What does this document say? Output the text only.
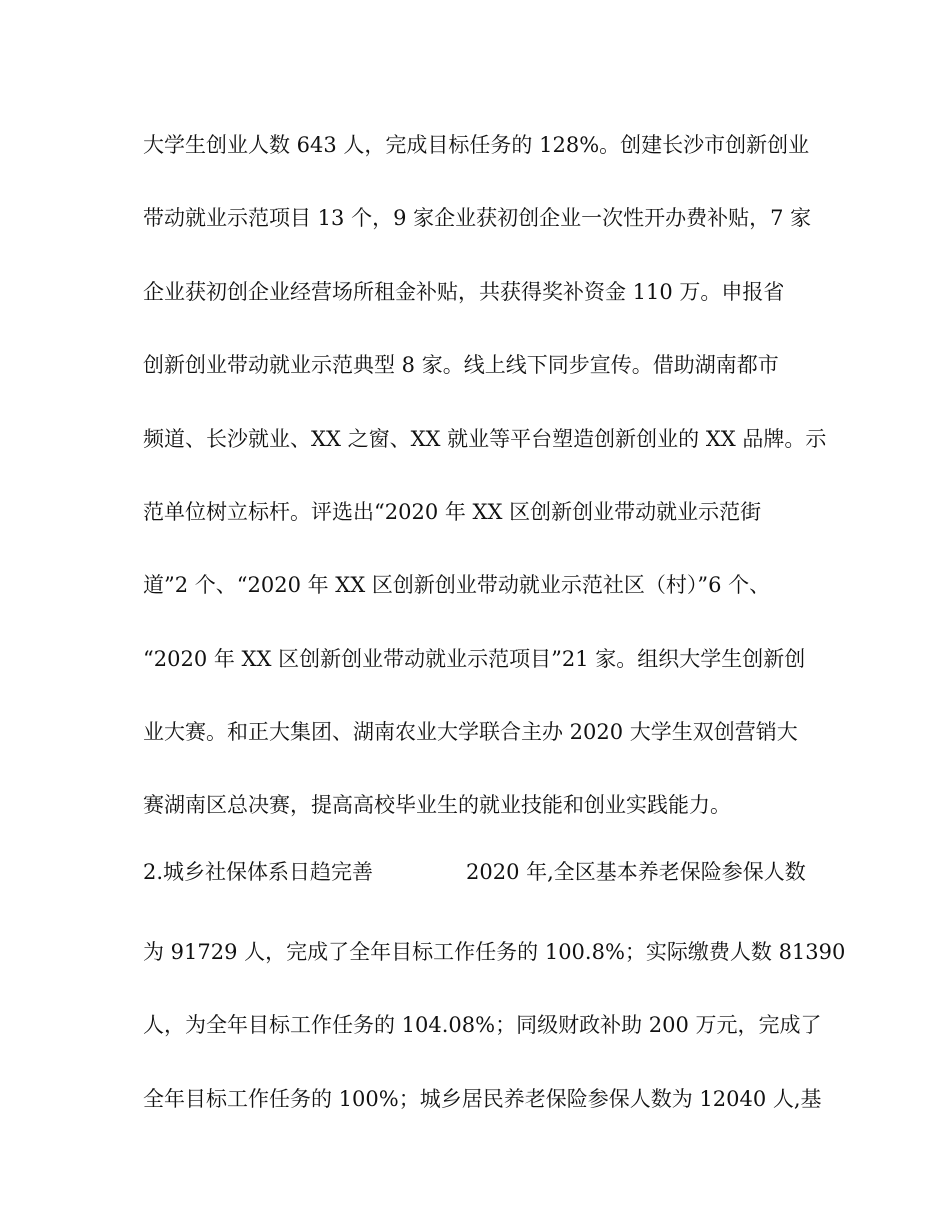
大学生创业人数 643 人，完成目标任务的 128%。创建长沙市创新创业
带动就业示范项目 13 个，9 家企业获初创企业一次性开办费补贴，7 家
企业获初创企业经营场所租金补贴，共获得奖补资金 110 万。申报省
创新创业带动就业示范典型 8 家。线上线下同步宣传。借助湖南都市
频道、长沙就业、XX 之窗、XX 就业等平台塑造创新创业的 XX 品牌。示
范单位树立标杆。评选出“2020 年 XX 区创新创业带动就业示范街
道”2 个、“2020 年 XX 区创新创业带动就业示范社区（村）”6 个、
“2020 年 XX 区创新创业带动就业示范项目”21 家。组织大学生创新创
业大赛。和正大集团、湖南农业大学联合主办 2020 大学生双创营销大
赛湖南区总决赛，提高高校毕业生的就业技能和创业实践能力。
2.城乡社保体系日趋完善	2020 年,全区基本养老保险参保人数
为 91729 人，完成了全年目标工作任务的 100.8%；实际缴费人数 81390
人，为全年目标工作任务的 104.08%；同级财政补助 200 万元，完成了
全年目标工作任务的 100%；城乡居民养老保险参保人数为 12040 人,基
